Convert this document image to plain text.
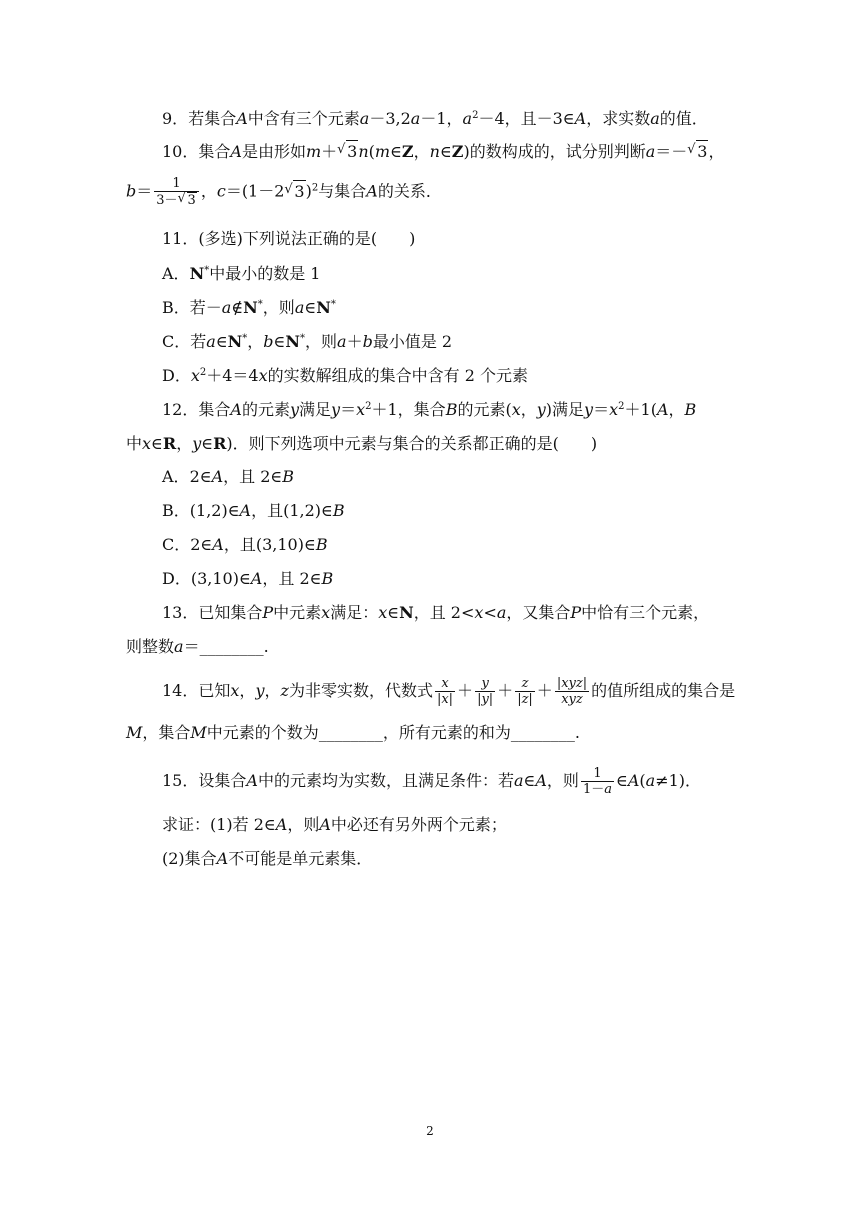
9．若集合A中含有三个元素a－3,2a－1，$a^2-4$，且－3∈A，求实数a的值．
10．集合A是由形如m＋ √ 3n(m∈Z，n∈Z)的数构成的，试分别判断a＝－ √ 3，
$b= \frac{1}{3- √ 3}$ ，c＝(1－2 √ 3)$^2$与集合A的关系．
11．(多选)下列说法正确的是(　　)
A．N*中最小的数是 1
B．若－a∉N*，则a∈N*
C．若a∈N*，b∈N*，则a＋b最小值是 2
D．$x^2+4=4x$的实数解组成的集合中含有 2 个元素
12．集合A的元素y满足$y=x^2+1$，集合B的元素(x，y)满足$y=x^2+1(A$，B
中x∈R，y∈R)．则下列选项中元素与集合的关系都正确的是(　　)
A．2∈A，且 2∈B
B．(1,2)∈A，且(1,2)∈B
C．2∈A，且(3,10)∈B
D．(3,10)∈A，且 2∈B
13．已知集合P中元素x满足：x∈N，且 2<x<a，又集合P中恰有三个元素，
则整数a＝________.
14．已知x，y，z为非零实数，代数式 $\frac{x}{|x|} + \frac{y}{|y|} + \frac{z}{|z|} + \frac{\text{|xyz|}}{\text{xyz}}$ 的值所组成的集合是
M，集合M中元素的个数为________，所有元素的和为________.
15．设集合A中的元素均为实数，且满足条件：若a∈A，则 $\frac{1}{1-a}$ ∈A(a≠1)．
求证：(1)若 2∈A，则A中必还有另外两个元素；
(2)集合A不可能是单元素集．
2
